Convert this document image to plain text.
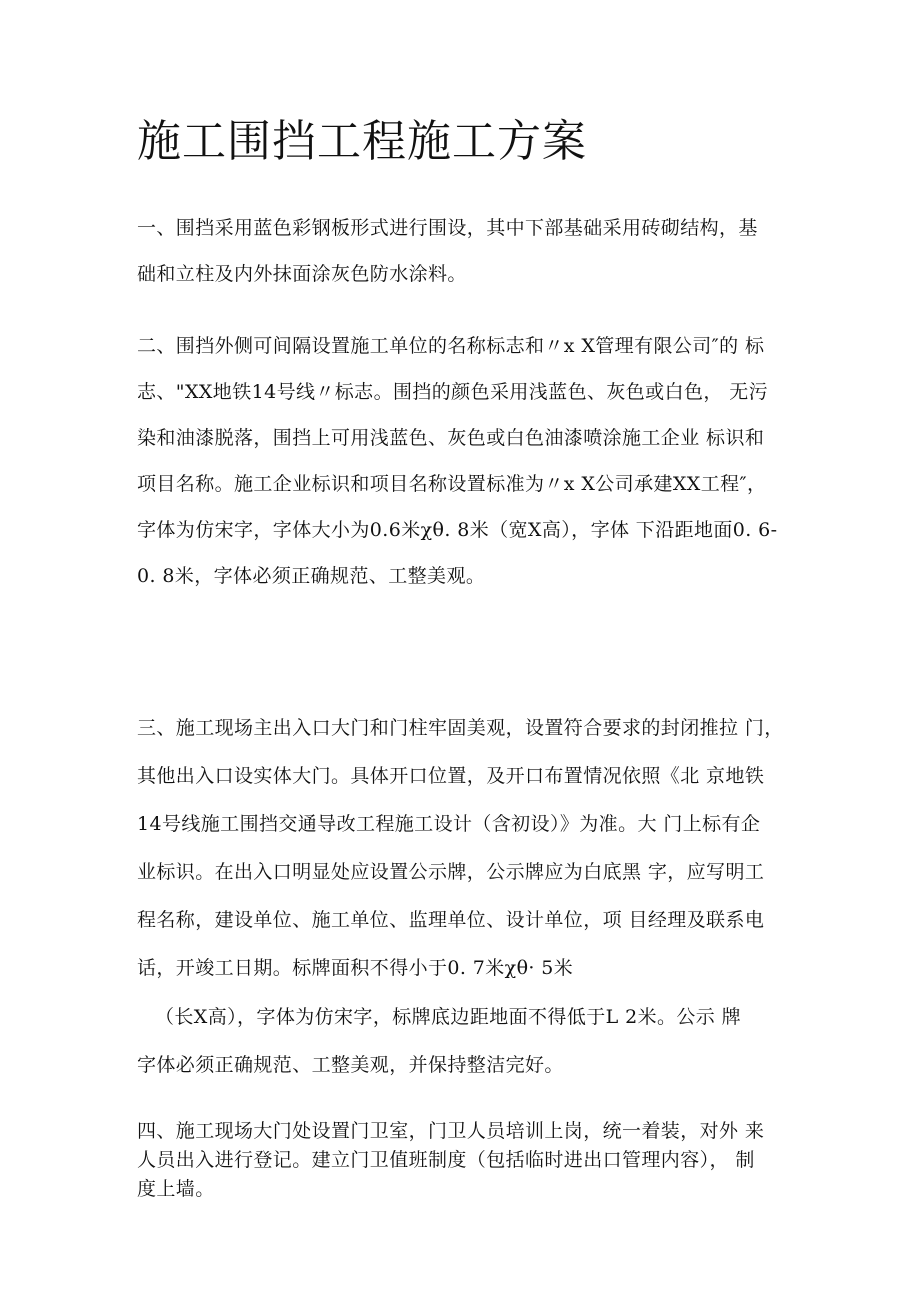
施工围挡工程施工方案
一、围挡采用蓝色彩钢板形式进行围设，其中下部基础采用砖砌结构，基
础和立柱及内外抹面涂灰色防水涂料。
二、围挡外侧可间隔设置施工单位的名称标志和〃x X管理有限公司″的 标
志、"XX地铁14号线〃标志。围挡的颜色采用浅蓝色、灰色或白色， 无污
染和油漆脱落，围挡上可用浅蓝色、灰色或白色油漆喷涂施工企业 标识和
项目名称。施工企业标识和项目名称设置标准为〃x X公司承建XX工程″，
字体为仿宋字，字体大小为0.6米χθ. 8米（宽X高），字体 下沿距地面0. 6-
0. 8米，字体必须正确规范、工整美观。
三、施工现场主出入口大门和门柱牢固美观，设置符合要求的封闭推拉 门，
其他出入口设实体大门。具体开口位置，及开口布置情况依照《北 京地铁
14号线施工围挡交通导改工程施工设计（含初设）》为准。大 门上标有企
业标识。在出入口明显处应设置公示牌，公示牌应为白底黑 字，应写明工
程名称，建设单位、施工单位、监理单位、设计单位，项 目经理及联系电
话，开竣工日期。标牌面积不得小于0. 7米χθ· 5米
（长X高），字体为仿宋字，标牌底边距地面不得低于L 2米。公示 牌
字体必须正确规范、工整美观，并保持整洁完好。
四、施工现场大门处设置门卫室，门卫人员培训上岗，统一着装，对外 来
人员出入进行登记。建立门卫值班制度（包括临时进出口管理内容）， 制
度上墙。
